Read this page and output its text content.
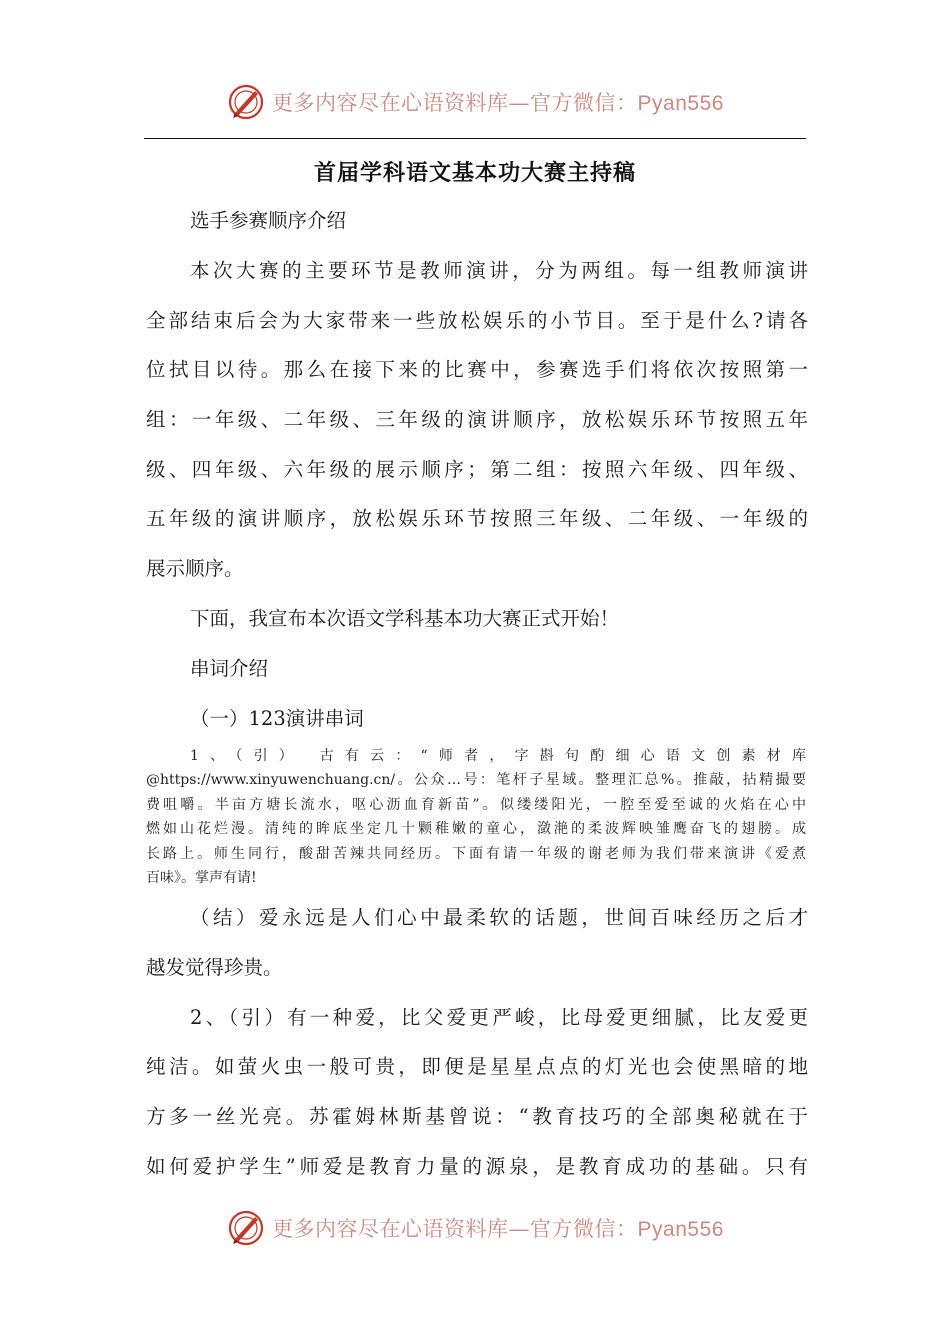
更多内容尽在心语资料库—官方微信：Pyan556
首届学科语文基本功大赛主持稿
选手参赛顺序介绍
本次大赛的主要环节是教师演讲，分为两组。每一组教师演讲
全部结束后会为大家带来一些放松娱乐的小节目。至于是什么?请各
位拭目以待。那么在接下来的比赛中，参赛选手们将依次按照第一
组：一年级、二年级、三年级的演讲顺序，放松娱乐环节按照五年
级、四年级、六年级的展示顺序；第二组：按照六年级、四年级、
五年级的演讲顺序，放松娱乐环节按照三年级、二年级、一年级的
展示顺序。
下面，我宣布本次语文学科基本功大赛正式开始！
串词介绍
（一）123演讲串词
1、（引） 古有云：“师者，字斟句酌细心语文创素材库
@https://www.xinyuwenchuang.cn/。公众…号：笔杆子星域。整理汇总%。推敲，拈精撮要
费咀嚼。半亩方塘长流水，呕心沥血育新苗”。似缕缕阳光，一腔至爱至诚的火焰在心中
燃如山花烂漫。清纯的眸底坐定几十颗稚嫩的童心，潋滟的柔波辉映雏鹰奋飞的翅膀。成
长路上。师生同行，酸甜苦辣共同经历。下面有请一年级的谢老师为我们带来演讲《爱煮
百味》。掌声有请!
（结）爱永远是人们心中最柔软的话题，世间百味经历之后才
越发觉得珍贵。
2、（引）有一种爱，比父爱更严峻，比母爱更细腻，比友爱更
纯洁。如萤火虫一般可贵，即便是星星点点的灯光也会使黑暗的地
方多一丝光亮。苏霍姆林斯基曾说：“教育技巧的全部奥秘就在于
如何爱护学生”师爱是教育力量的源泉，是教育成功的基础。只有
更多内容尽在心语资料库—官方微信：Pyan556
